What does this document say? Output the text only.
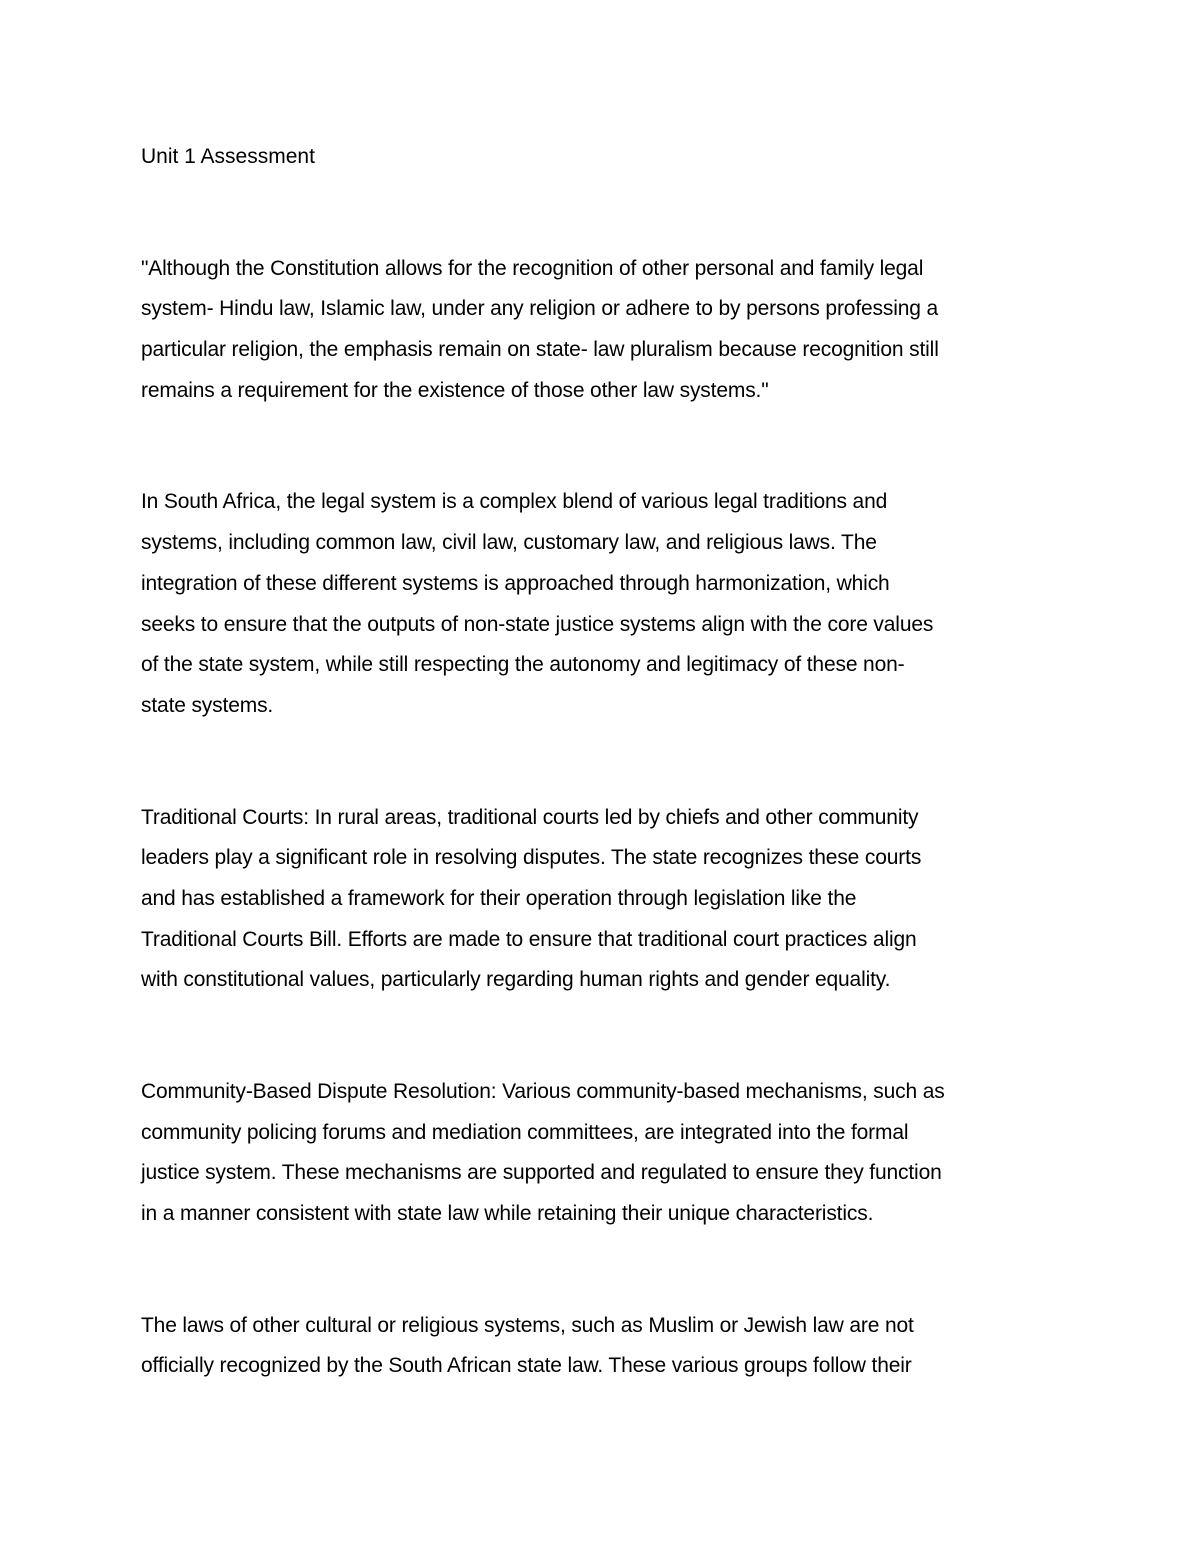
Unit 1 Assessment
"Although the Constitution allows for the recognition of other personal and family legal
system- Hindu law, Islamic law, under any religion or adhere to by persons professing a
particular religion, the emphasis remain on state- law pluralism because recognition still
remains a requirement for the existence of those other law systems."
In South Africa, the legal system is a complex blend of various legal traditions and
systems, including common law, civil law, customary law, and religious laws. The
integration of these different systems is approached through harmonization, which
seeks to ensure that the outputs of non-state justice systems align with the core values
of the state system, while still respecting the autonomy and legitimacy of these non-
state systems.
Traditional Courts: In rural areas, traditional courts led by chiefs and other community
leaders play a significant role in resolving disputes. The state recognizes these courts
and has established a framework for their operation through legislation like the
Traditional Courts Bill. Efforts are made to ensure that traditional court practices align
with constitutional values, particularly regarding human rights and gender equality.
Community-Based Dispute Resolution: Various community-based mechanisms, such as
community policing forums and mediation committees, are integrated into the formal
justice system. These mechanisms are supported and regulated to ensure they function
in a manner consistent with state law while retaining their unique characteristics.
The laws of other cultural or religious systems, such as Muslim or Jewish law are not
officially recognized by the South African state law. These various groups follow their
